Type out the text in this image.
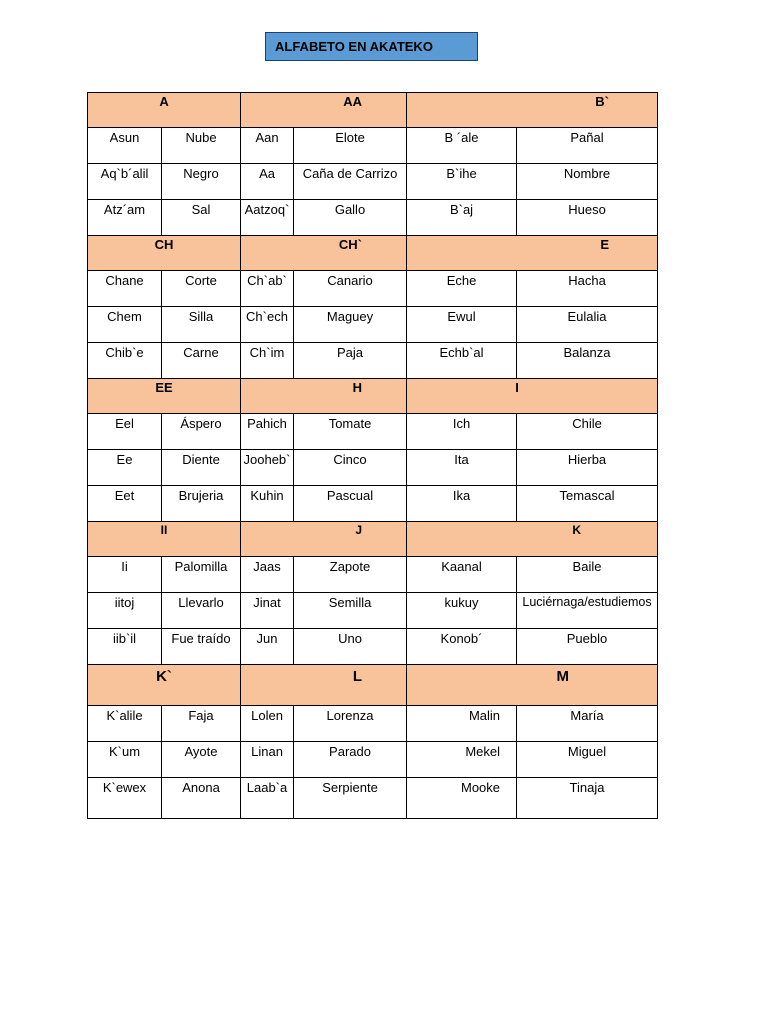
ALFABETO EN AKATEKO
A		AA		B`	
Asun	Nube	Aan	Elote	B ´ale	Pañal
Aq`b´alil	Negro	Aa	Caña de Carrizo	B`ihe	Nombre
Atz´am	Sal	Aatzoq`	Gallo	B`aj	Hueso
CH		CH`		E	
Chane	Corte	Ch`ab`	Canario	Eche	Hacha
Chem	Silla	Ch`ech	Maguey	Ewul	Eulalia
Chib`e	Carne	Ch`im	Paja	Echb`al	Balanza
EE		H		I	
Eel	Áspero	Pahich	Tomate	Ich	Chile
Ee	Diente	Jooheb`	Cinco	Ita	Hierba
Eet	Brujeria	Kuhin	Pascual	Ika	Temascal
II		J		K	
Ii	Palomilla	Jaas	Zapote	Kaanal	Baile
iitoj	Llevarlo	Jinat	Semilla	kukuy	Luciérnaga/estudiemos
iib`il	Fue traído	Jun	Uno	Konob´	Pueblo
K`		L		M	
K`alile	Faja	Lolen	Lorenza	Malin	María
K`um	Ayote	Linan	Parado	Mekel	Miguel
K`ewex	Anona	Laab`a	Serpiente	Mooke	Tinaja
